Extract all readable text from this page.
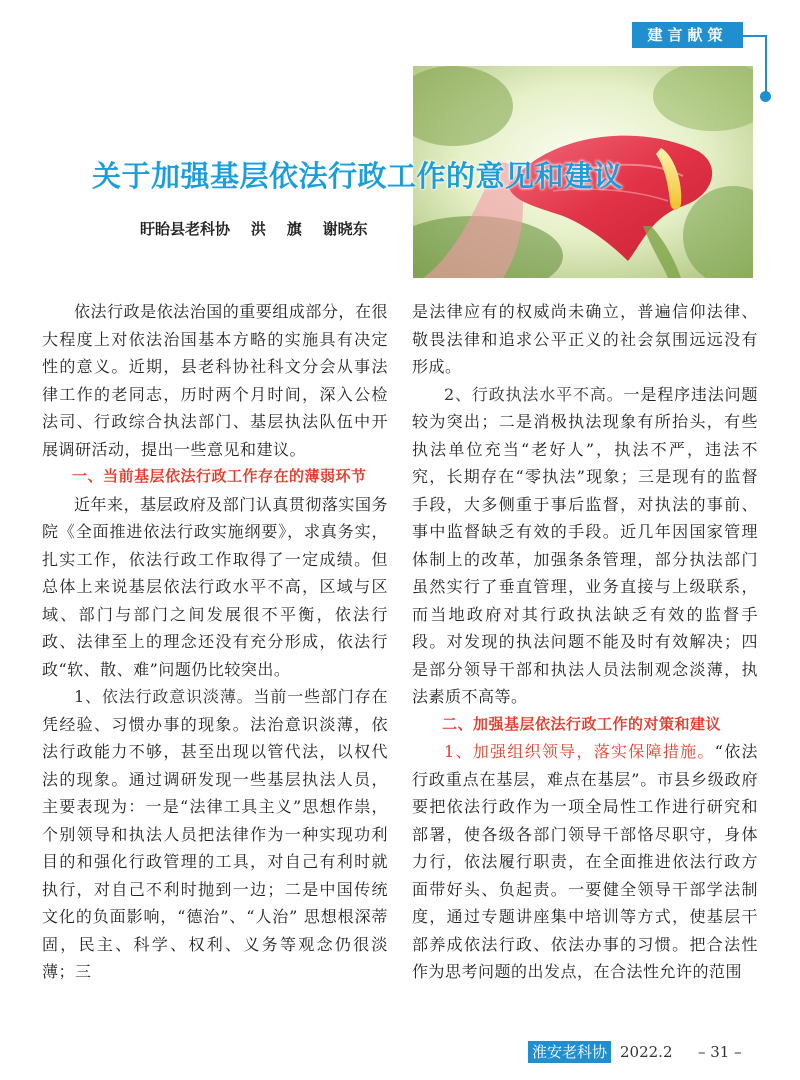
建言献策
关于加强基层依法行政工作的意见和建议
盱眙县老科协    洪    旗    谢晓东

依法行政是依法治国的重要组成部分，在很大程度上对依法治国基本方略的实施具有决定性的意义。近期，县老科协社科文分会从事法律工作的老同志，历时两个月时间，深入公检法司、行政综合执法部门、基层执法队伍中开展调研活动，提出一些意见和建议。

一、当前基层依法行政工作存在的薄弱环节

近年来，基层政府及部门认真贯彻落实国务院《全面推进依法行政实施纲要》，求真务实，扎实工作，依法行政工作取得了一定成绩。但总体上来说基层依法行政水平不高，区域与区域、部门与部门之间发展很不平衡，依法行政、法律至上的理念还没有充分形成，依法行政“软、散、难”问题仍比较突出。

1、依法行政意识淡薄。当前一些部门存在凭经验、习惯办事的现象。法治意识淡薄，依法行政能力不够，甚至出现以管代法，以权代法的现象。通过调研发现一些基层执法人员，主要表现为：一是“法律工具主义”思想作祟，个别领导和执法人员把法律作为一种实现功利目的和强化行政管理的工具，对自己有利时就执行，对自己不利时抛到一边；二是中国传统文化的负面影响，“德治”、“人治” 思想根深蒂固，民主、科学、权利、义务等观念仍很淡薄；三

是法律应有的权威尚未确立，普遍信仰法律、敬畏法律和追求公平正义的社会氛围远远没有形成。

2、行政执法水平不高。一是程序违法问题较为突出；二是消极执法现象有所抬头，有些执法单位充当“老好人”，执法不严，违法不究，长期存在“零执法”现象；三是现有的监督手段，大多侧重于事后监督，对执法的事前、事中监督缺乏有效的手段。近几年因国家管理体制上的改革，加强条条管理，部分执法部门虽然实行了垂直管理，业务直接与上级联系，而当地政府对其行政执法缺乏有效的监督手段。对发现的执法问题不能及时有效解决；四是部分领导干部和执法人员法制观念淡薄，执法素质不高等。

二、加强基层依法行政工作的对策和建议

1、加强组织领导，落实保障措施。“依法行政重点在基层，难点在基层”。市县乡级政府要把依法行政作为一项全局性工作进行研究和部署，使各级各部门领导干部恪尽职守，身体力行，依法履行职责，在全面推进依法行政方面带好头、负起责。一要健全领导干部学法制度，通过专题讲座集中培训等方式，使基层干部养成依法行政、依法办事的习惯。把合法性作为思考问题的出发点，在合法性允许的范围

淮安老科协 2022.2 – 31 –
